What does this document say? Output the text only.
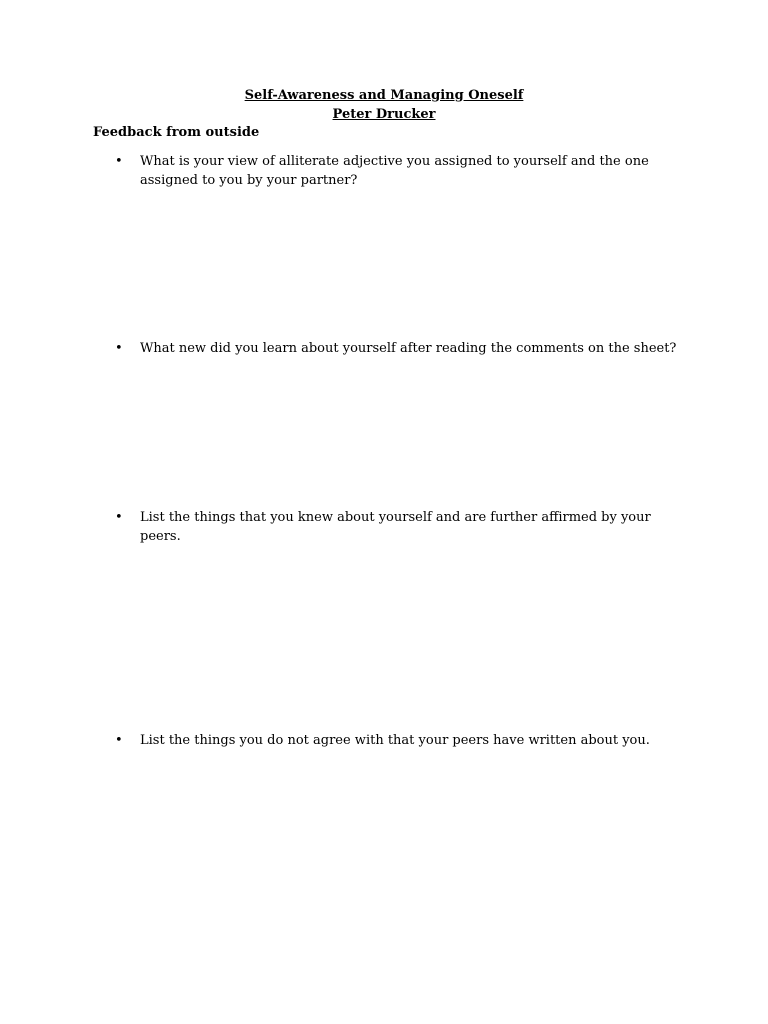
Self-Awareness and Managing Oneself
Peter Drucker
Feedback from outside
•	What is your view of alliterate adjective you assigned to yourself and the one assigned to you by your partner?
•	What new did you learn about yourself after reading the comments on the sheet?
•	List the things that you knew about yourself and are further affirmed by your peers.
•	List the things you do not agree with that your peers have written about you.
